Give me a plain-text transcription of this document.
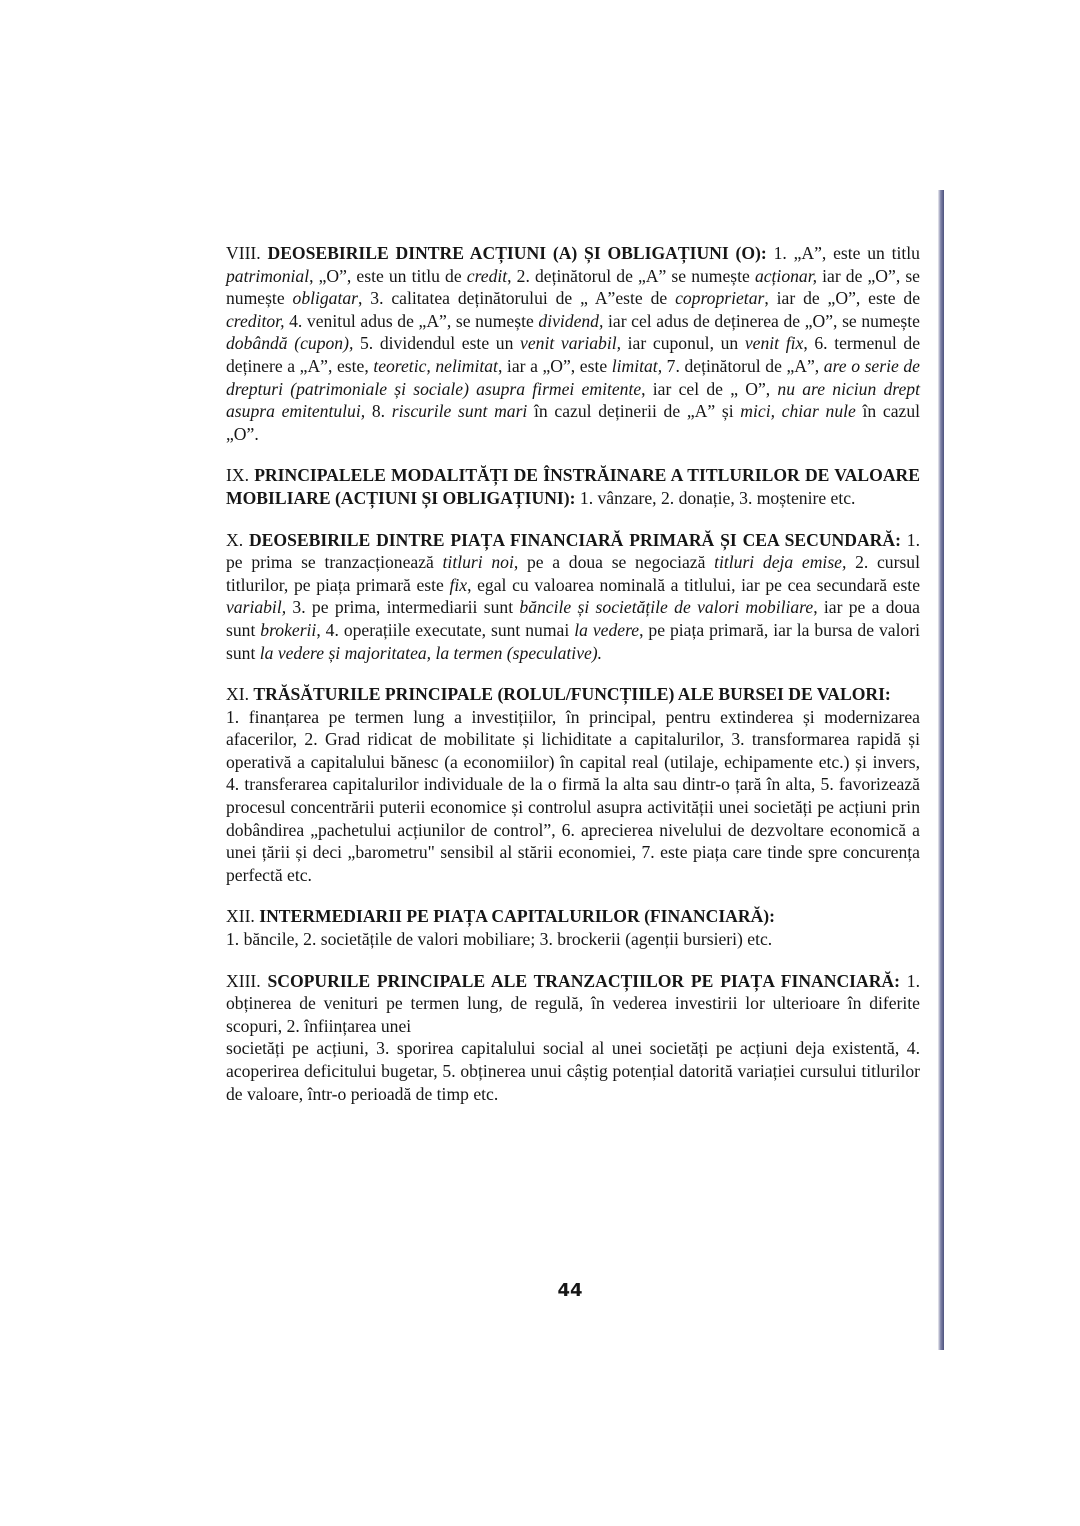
VIII. DEOSEBIRILE DINTRE ACȚIUNI (A) ȘI OBLIGAȚIUNI (O): 1. „A”, este un titlu patrimonial, „O”, este un titlu de credit, 2. deținătorul de „A” se numește acționar, iar de „O”, se numește obligatar, 3. calitatea deținătorului de „ A”este de coproprietar, iar de „O”, este de creditor, 4. venitul adus de „A”, se numește dividend, iar cel adus de deținerea de „O”, se numește dobândă (cupon), 5. dividendul este un venit variabil, iar cuponul, un venit fix, 6. termenul de deținere a „A”, este, teoretic, nelimitat, iar a „O”, este limitat, 7. deținătorul de „A”, are o serie de drepturi (patrimoniale și sociale) asupra firmei emitente, iar cel de „ O”, nu are niciun drept asupra emitentului, 8. riscurile sunt mari în cazul deținerii de „A” și mici, chiar nule în cazul „O”.

IX. PRINCIPALELE MODALITĂȚI DE ÎNSTRĂINARE A TITLURILOR DE VALOARE MOBILIARE (ACȚIUNI ȘI OBLIGAȚIUNI): 1. vânzare, 2. donație, 3. moștenire etc.

X. DEOSEBIRILE DINTRE PIAȚA FINANCIARĂ PRIMARĂ ȘI CEA SECUNDARĂ: 1. pe prima se tranzacționează titluri noi, pe a doua se negociază titluri deja emise, 2. cursul titlurilor, pe piața primară este fix, egal cu valoarea nominală a titlului, iar pe cea secundară este variabil, 3. pe prima, intermediarii sunt băncile și societățile de valori mobiliare, iar pe a doua sunt brokerii, 4. operațiile executate, sunt numai la vedere, pe piața primară, iar la bursa de valori sunt la vedere și majoritatea, la termen (speculative).

XI. TRĂSĂTURILE PRINCIPALE (ROLUL/FUNCȚIILE) ALE BURSEI DE VALORI:

1. finanțarea pe termen lung a investițiilor, în principal, pentru extinderea și modernizarea afacerilor, 2. Grad ridicat de mobilitate și lichiditate a capitalurilor, 3. transformarea rapidă și operativă a capitalului bănesc (a economiilor) în capital real (utilaje, echipamente etc.) și invers, 4. transferarea capitalurilor individuale de la o firmă la alta sau dintr-o țară în alta, 5. favorizează procesul concentrării puterii economice și controlul asupra activității unei societăți pe acțiuni prin dobândirea „pachetului acțiunilor de control”, 6. aprecierea nivelului de dezvoltare economică a unei țării și deci „barometru" sensibil al stării economiei, 7. este piața care tinde spre concurența perfectă etc.

XII. INTERMEDIARII PE PIAȚA CAPITALURILOR (FINANCIARĂ):

1. băncile, 2. societățile de valori mobiliare; 3. brockerii (agenții bursieri) etc.

XIII. SCOPURILE PRINCIPALE ALE TRANZACȚIILOR PE PIAȚA FINANCIARĂ: 1. obținerea de venituri pe termen lung, de regulă, în vederea investirii lor ulterioare în diferite scopuri, 2. înființarea unei

societăți pe acțiuni, 3. sporirea capitalului social al unei societăți pe acțiuni deja existentă, 4. acoperirea deficitului bugetar, 5. obținerea unui câștig potențial datorită variației cursului titlurilor de valoare, într-o perioadă de timp etc.

44
